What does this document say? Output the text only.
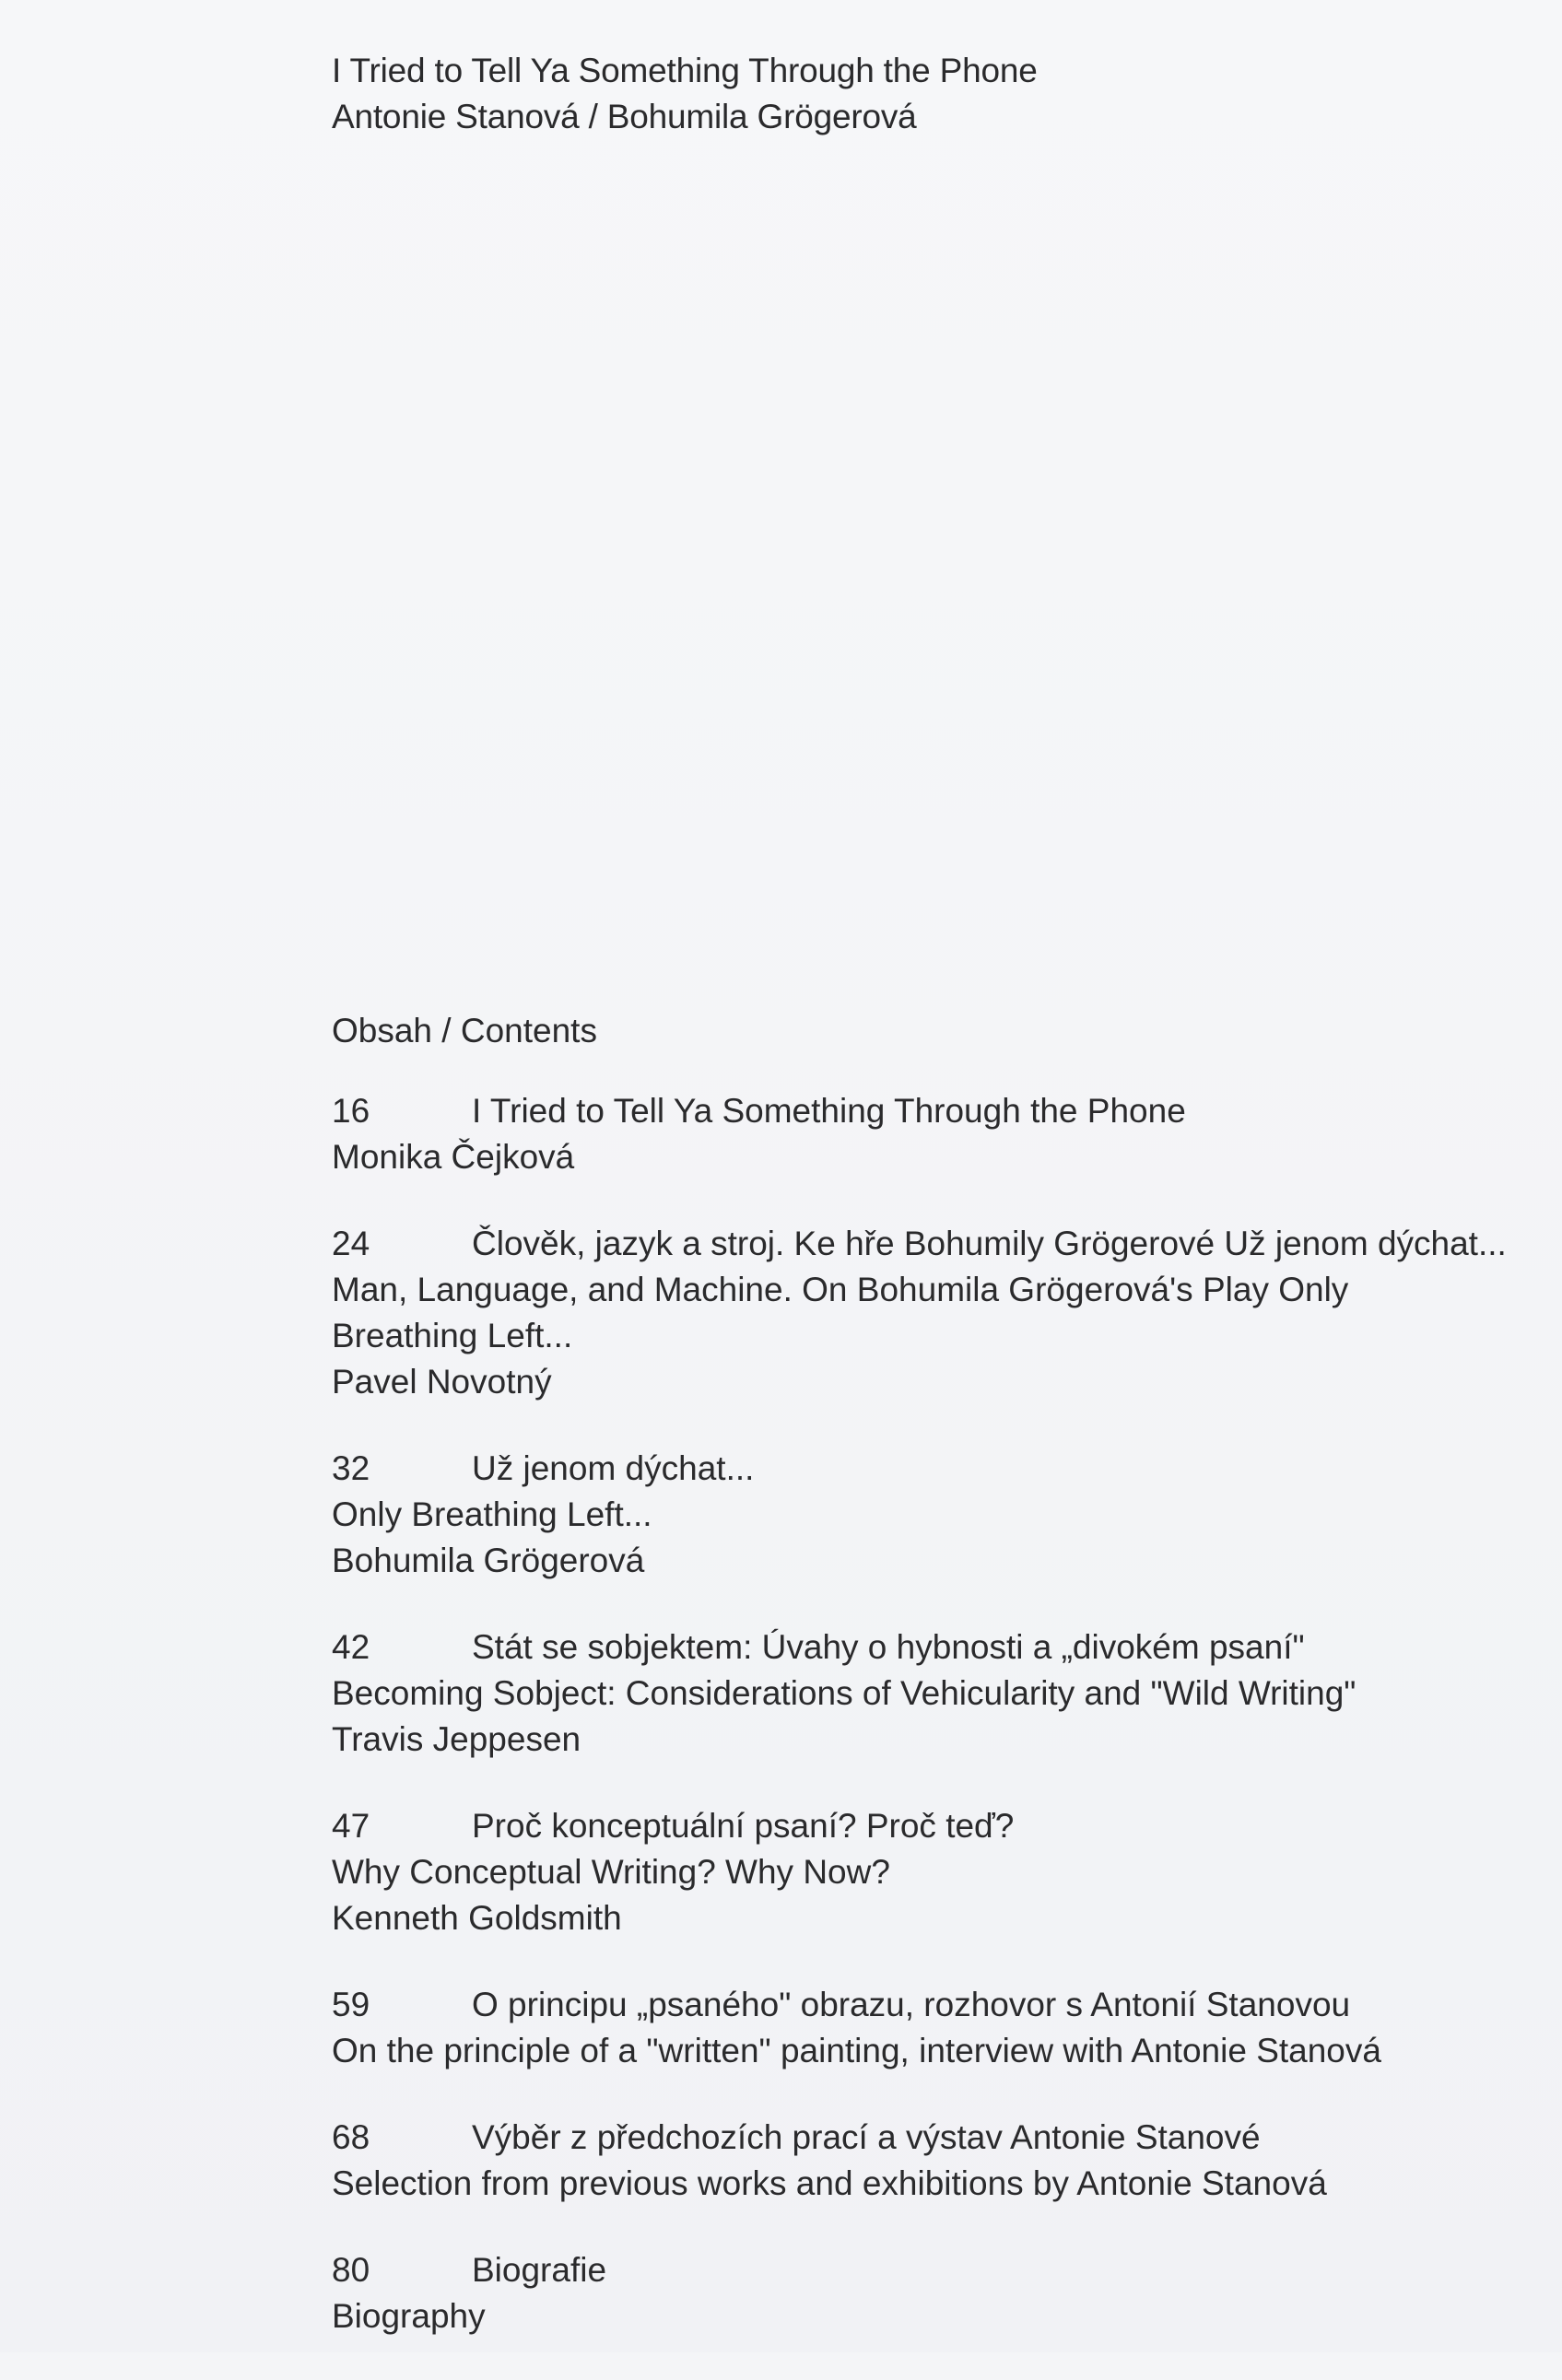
I Tried to Tell Ya Something Through the Phone
Antonie Stanová / Bohumila Grögerová
Obsah / Contents
16	I Tried to Tell Ya Something Through the Phone
Monika Čejková
24	Člověk, jazyk a stroj. Ke hře Bohumily Grögerové Už jenom dýchat...
Man, Language, and Machine. On Bohumila Grögerová's Play Only Breathing Left...
Pavel Novotný
32	Už jenom dýchat...
Only Breathing Left...
Bohumila Grögerová
42	Stát se sobjektem: Úvahy o hybnosti a „divokém psaní"
Becoming Sobject: Considerations of Vehicularity and "Wild Writing"
Travis Jeppesen
47	Proč konceptuální psaní? Proč teď?
Why Conceptual Writing? Why Now?
Kenneth Goldsmith
59	O principu „psaného" obrazu, rozhovor s Antonií Stanovou
On the principle of a "written" painting, interview with Antonie Stanová
68	Výběr z předchozích prací a výstav Antonie Stanové
Selection from previous works and exhibitions by Antonie Stanová
80	Biografie
Biography
